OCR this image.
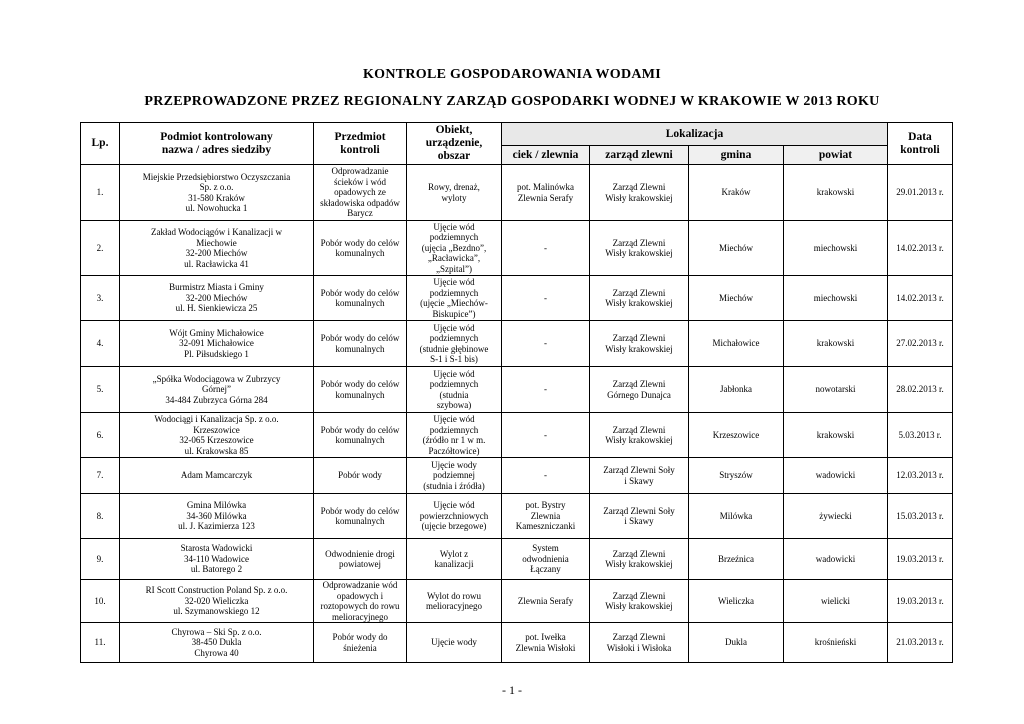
KONTROLE GOSPODAROWANIA WODAMI
PRZEPROWADZONE PRZEZ REGIONALNY ZARZĄD GOSPODARKI WODNEJ W KRAKOWIE W 2013 ROKU
Lp.	Podmiot kontrolowany
nazwa / adres siedziby	Przedmiot
kontroli	Obiekt,
urządzenie,
obszar	Lokalizacja				Data
kontroli
				ciek / zlewnia	zarząd zlewni	gmina	powiat	
1.	Miejskie Przedsiębiorstwo Oczyszczania
Sp. z o.o.
31-580 Kraków
ul. Nowohucka 1	Odprowadzanie
ścieków i wód
opadowych ze
składowiska odpadów
Barycz	Rowy, drenaż,
wyloty	pot. Malinówka
Zlewnia Serafy	Zarząd Zlewni
Wisły krakowskiej	Kraków	krakowski	29.01.2013 r.
2.	Zakład Wodociągów i Kanalizacji w
Miechowie
32-200 Miechów
ul. Racławicka 41	Pobór wody do celów
komunalnych	Ujęcie wód
podziemnych
(ujęcia „Bezdno”,
„Racławicka”,
„Szpital”)	-	Zarząd Zlewni
Wisły krakowskiej	Miechów	miechowski	14.02.2013 r.
3.	Burmistrz Miasta i Gminy
32-200 Miechów
ul. H. Sienkiewicza 25	Pobór wody do celów
komunalnych	Ujęcie wód
podziemnych
(ujęcie „Miechów-
Biskupice”)	-	Zarząd Zlewni
Wisły krakowskiej	Miechów	miechowski	14.02.2013 r.
4.	Wójt Gminy Michałowice
32-091 Michałowice
Pl. Piłsudskiego 1	Pobór wody do celów
komunalnych	Ujęcie wód
podziemnych
(studnie głębinowe
S-1 i S-1 bis)	-	Zarząd Zlewni
Wisły krakowskiej	Michałowice	krakowski	27.02.2013 r.
5.	„Spółka Wodociągowa w Zubrzycy
Górnej”
34-484 Zubrzyca Górna 284	Pobór wody do celów
komunalnych	Ujęcie wód
podziemnych
(studnia
szybowa)	-	Zarząd Zlewni
Górnego Dunajca	Jabłonka	nowotarski	28.02.2013 r.
6.	Wodociągi i Kanalizacja Sp. z o.o.
Krzeszowice
32-065 Krzeszowice
ul. Krakowska 85	Pobór wody do celów
komunalnych	Ujęcie wód
podziemnych
(źródło nr 1 w m.
Paczółtowice)	-	Zarząd Zlewni
Wisły krakowskiej	Krzeszowice	krakowski	5.03.2013 r.
7.	Adam Mamcarczyk	Pobór wody	Ujęcie wody
podziemnej
(studnia i źródła)	-	Zarząd Zlewni Soły
i Skawy	Stryszów	wadowicki	12.03.2013 r.
8.	Gmina Milówka
34-360 Milówka
ul. J. Kazimierza 123	Pobór wody do celów
komunalnych	Ujęcie wód
powierzchniowych
(ujęcie brzegowe)	pot. Bystry
Zlewnia
Kameszniczanki	Zarząd Zlewni Soły
i Skawy	Milówka	żywiecki	15.03.2013 r.
9.	Starosta Wadowicki
34-110 Wadowice
ul. Batorego 2	Odwodnienie drogi
powiatowej	Wylot z
kanalizacji	System
odwodnienia
Łączany	Zarząd Zlewni
Wisły krakowskiej	Brzeźnica	wadowicki	19.03.2013 r.
10.	RI Scott Construction Poland Sp. z o.o.
32-020 Wieliczka
ul. Szymanowskiego 12	Odprowadzanie wód
opadowych i
roztopowych do rowu
melioracyjnego	Wylot do rowu
melioracyjnego	Zlewnia Serafy	Zarząd Zlewni
Wisły krakowskiej	Wieliczka	wielicki	19.03.2013 r.
11.	Chyrowa – Ski Sp. z o.o.
38-450 Dukla
Chyrowa 40	Pobór wody do
śnieżenia	Ujęcie wody	pot. Iwełka
Zlewnia Wisłoki	Zarząd Zlewni
Wisłoki i Wisłoka	Dukla	krośnieński	21.03.2013 r.
- 1 -
